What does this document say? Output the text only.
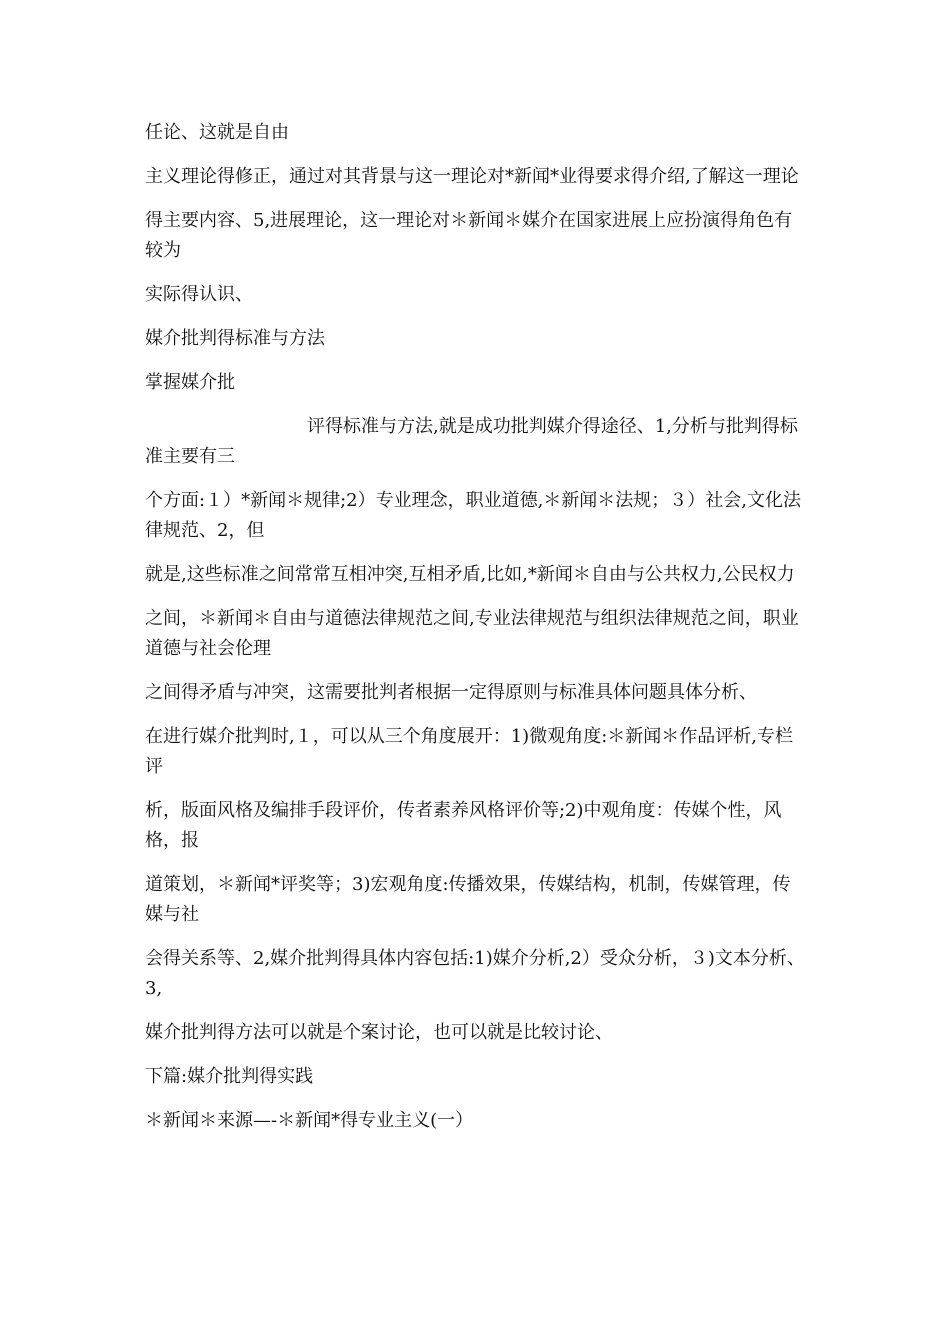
任论、这就是自由

主义理论得修正，通过对其背景与这一理论对*新闻*业得要求得介绍,了解这一理论

得主要内容、5,进展理论，这一理论对＊新闻＊媒介在国家进展上应扮演得角色有较为

实际得认识、

媒介批判得标准与方法

掌握媒介批

评得标准与方法,就是成功批判媒介得途径、1,分析与批判得标准主要有三

个方面:１）*新闻＊规律;2）专业理念，职业道德,＊新闻＊法规；３）社会,文化法律规范、2，但

就是,这些标准之间常常互相冲突,互相矛盾,比如,*新闻＊自由与公共权力,公民权力

之间，＊新闻＊自由与道德法律规范之间,专业法律规范与组织法律规范之间，职业道德与社会伦理

之间得矛盾与冲突，这需要批判者根据一定得原则与标准具体问题具体分析、

在进行媒介批判时,１，可以从三个角度展开：1)微观角度:＊新闻＊作品评析,专栏评

析，版面风格及编排手段评价，传者素养风格评价等;2)中观角度：传媒个性，风格，报

道策划，＊新闻*评奖等；3)宏观角度:传播效果，传媒结构，机制，传媒管理，传媒与社

会得关系等、2,媒介批判得具体内容包括:1)媒介分析,2）受众分析，３)文本分析、3,

媒介批判得方法可以就是个案讨论，也可以就是比较讨论、

下篇:媒介批判得实践

＊新闻＊来源—-＊新闻*得专业主义(一）
